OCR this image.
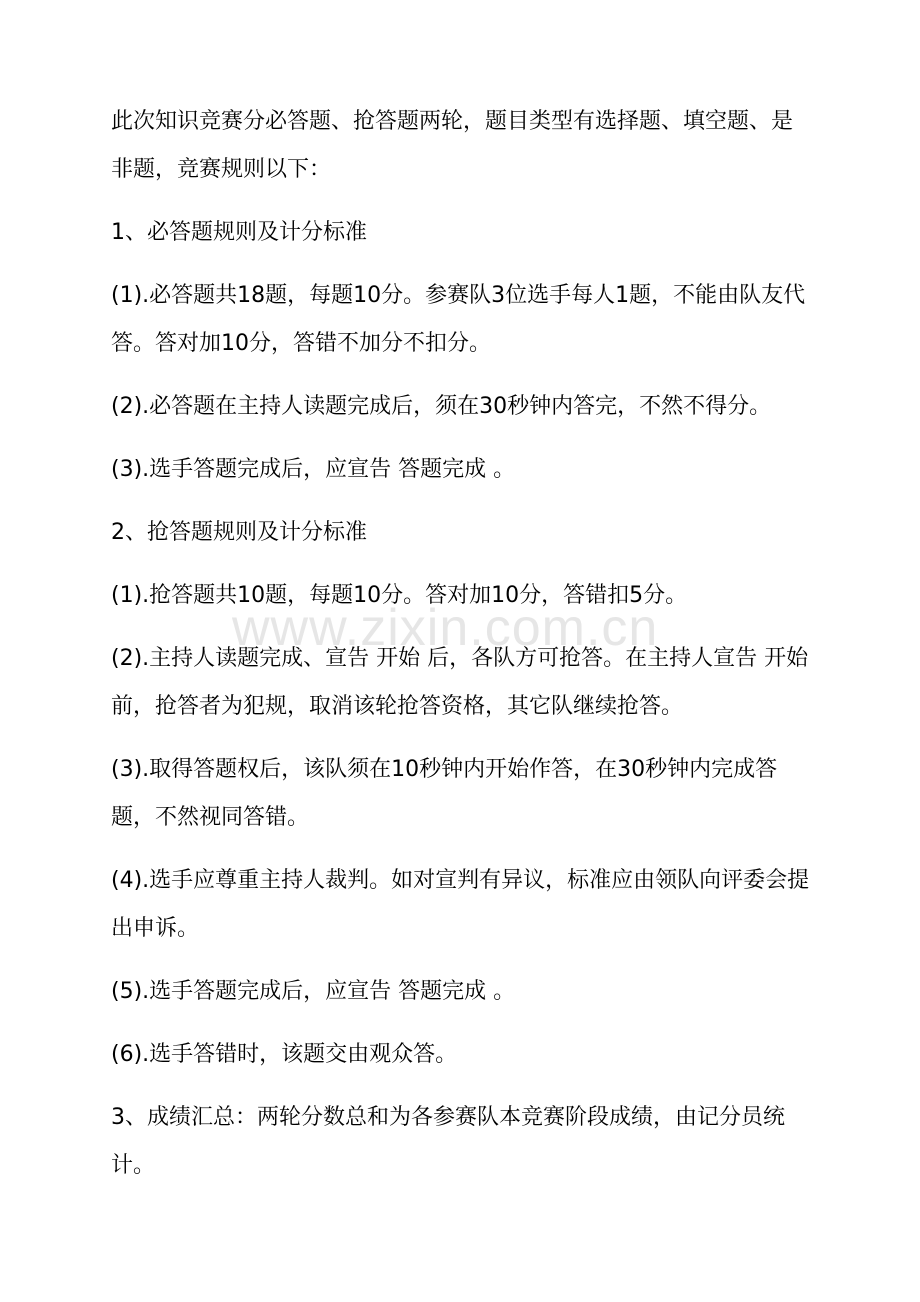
www.zixin.com.cn

此次知识竞赛分必答题、抢答题两轮，题目类型有选择题、填空题、是非题，竞赛规则以下：

1、必答题规则及计分标准

(1).必答题共18题，每题10分。参赛队3位选手每人1题，不能由队友代答。答对加10分，答错不加分不扣分。

(2).必答题在主持人读题完成后，须在30秒钟内答完，不然不得分。

(3).选手答题完成后，应宣告 答题完成 。

2、抢答题规则及计分标准

(1).抢答题共10题，每题10分。答对加10分，答错扣5分。

(2).主持人读题完成、宣告 开始 后，各队方可抢答。在主持人宣告 开始 前，抢答者为犯规，取消该轮抢答资格，其它队继续抢答。

(3).取得答题权后，该队须在10秒钟内开始作答，在30秒钟内完成答题，不然视同答错。

(4).选手应尊重主持人裁判。如对宣判有异议，标准应由领队向评委会提出申诉。

(5).选手答题完成后，应宣告 答题完成 。

(6).选手答错时，该题交由观众答。

3、成绩汇总：两轮分数总和为各参赛队本竞赛阶段成绩，由记分员统计。
